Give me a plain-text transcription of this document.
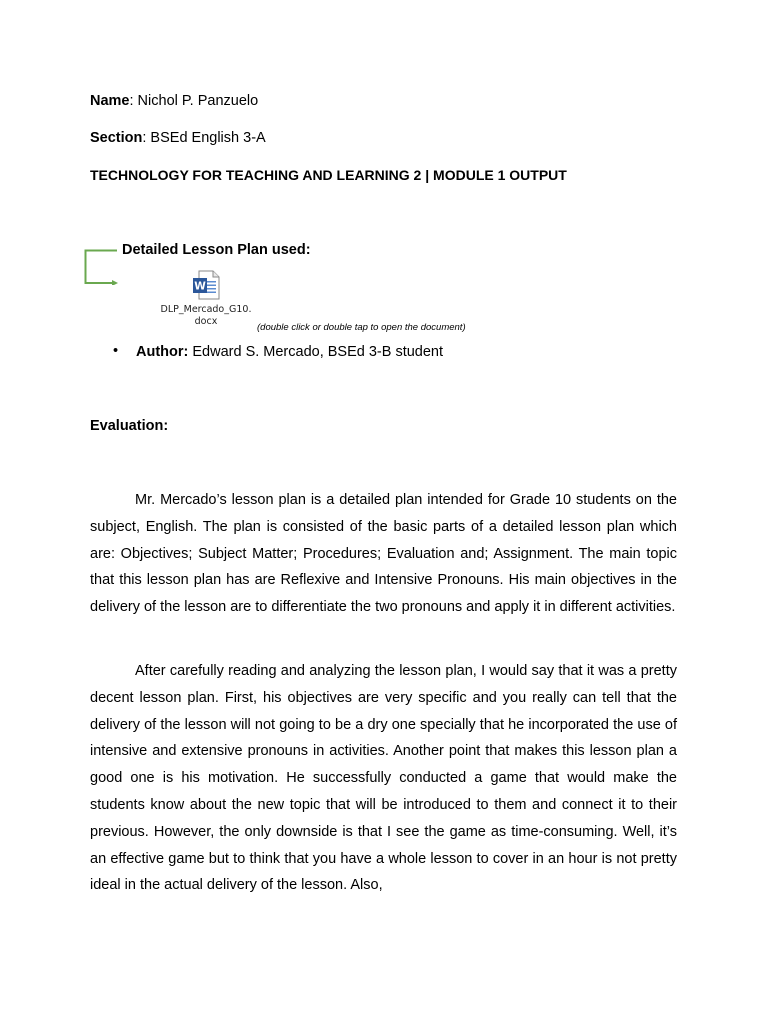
Name: Nichol P. Panzuelo
Section: BSEd English 3-A
TECHNOLOGY FOR TEACHING AND LEARNING 2 | MODULE 1 OUTPUT
Detailed Lesson Plan used:
W
DLP_Mercado_G10.
docx
(double click or double tap to open the document)
• Author: Edward S. Mercado, BSEd 3-B student
Evaluation:

Mr. Mercado’s lesson plan is a detailed plan intended for Grade 10 students on the subject, English. The plan is consisted of the basic parts of a detailed lesson plan which are: Objectives; Subject Matter; Procedures; Evaluation and; Assignment. The main topic that this lesson plan has are Reflexive and Intensive Pronouns. His main objectives in the delivery of the lesson are to differentiate the two pronouns and apply it in different activities.

After carefully reading and analyzing the lesson plan, I would say that it was a pretty decent lesson plan. First, his objectives are very specific and you really can tell that the delivery of the lesson will not going to be a dry one specially that he incorporated the use of intensive and extensive pronouns in activities. Another point that makes this lesson plan a good one is his motivation. He successfully conducted a game that would make the students know about the new topic that will be introduced to them and connect it to their previous. However, the only downside is that I see the game as time-consuming. Well, it’s an effective game but to think that you have a whole lesson to cover in an hour is not pretty ideal in the actual delivery of the lesson. Also,
